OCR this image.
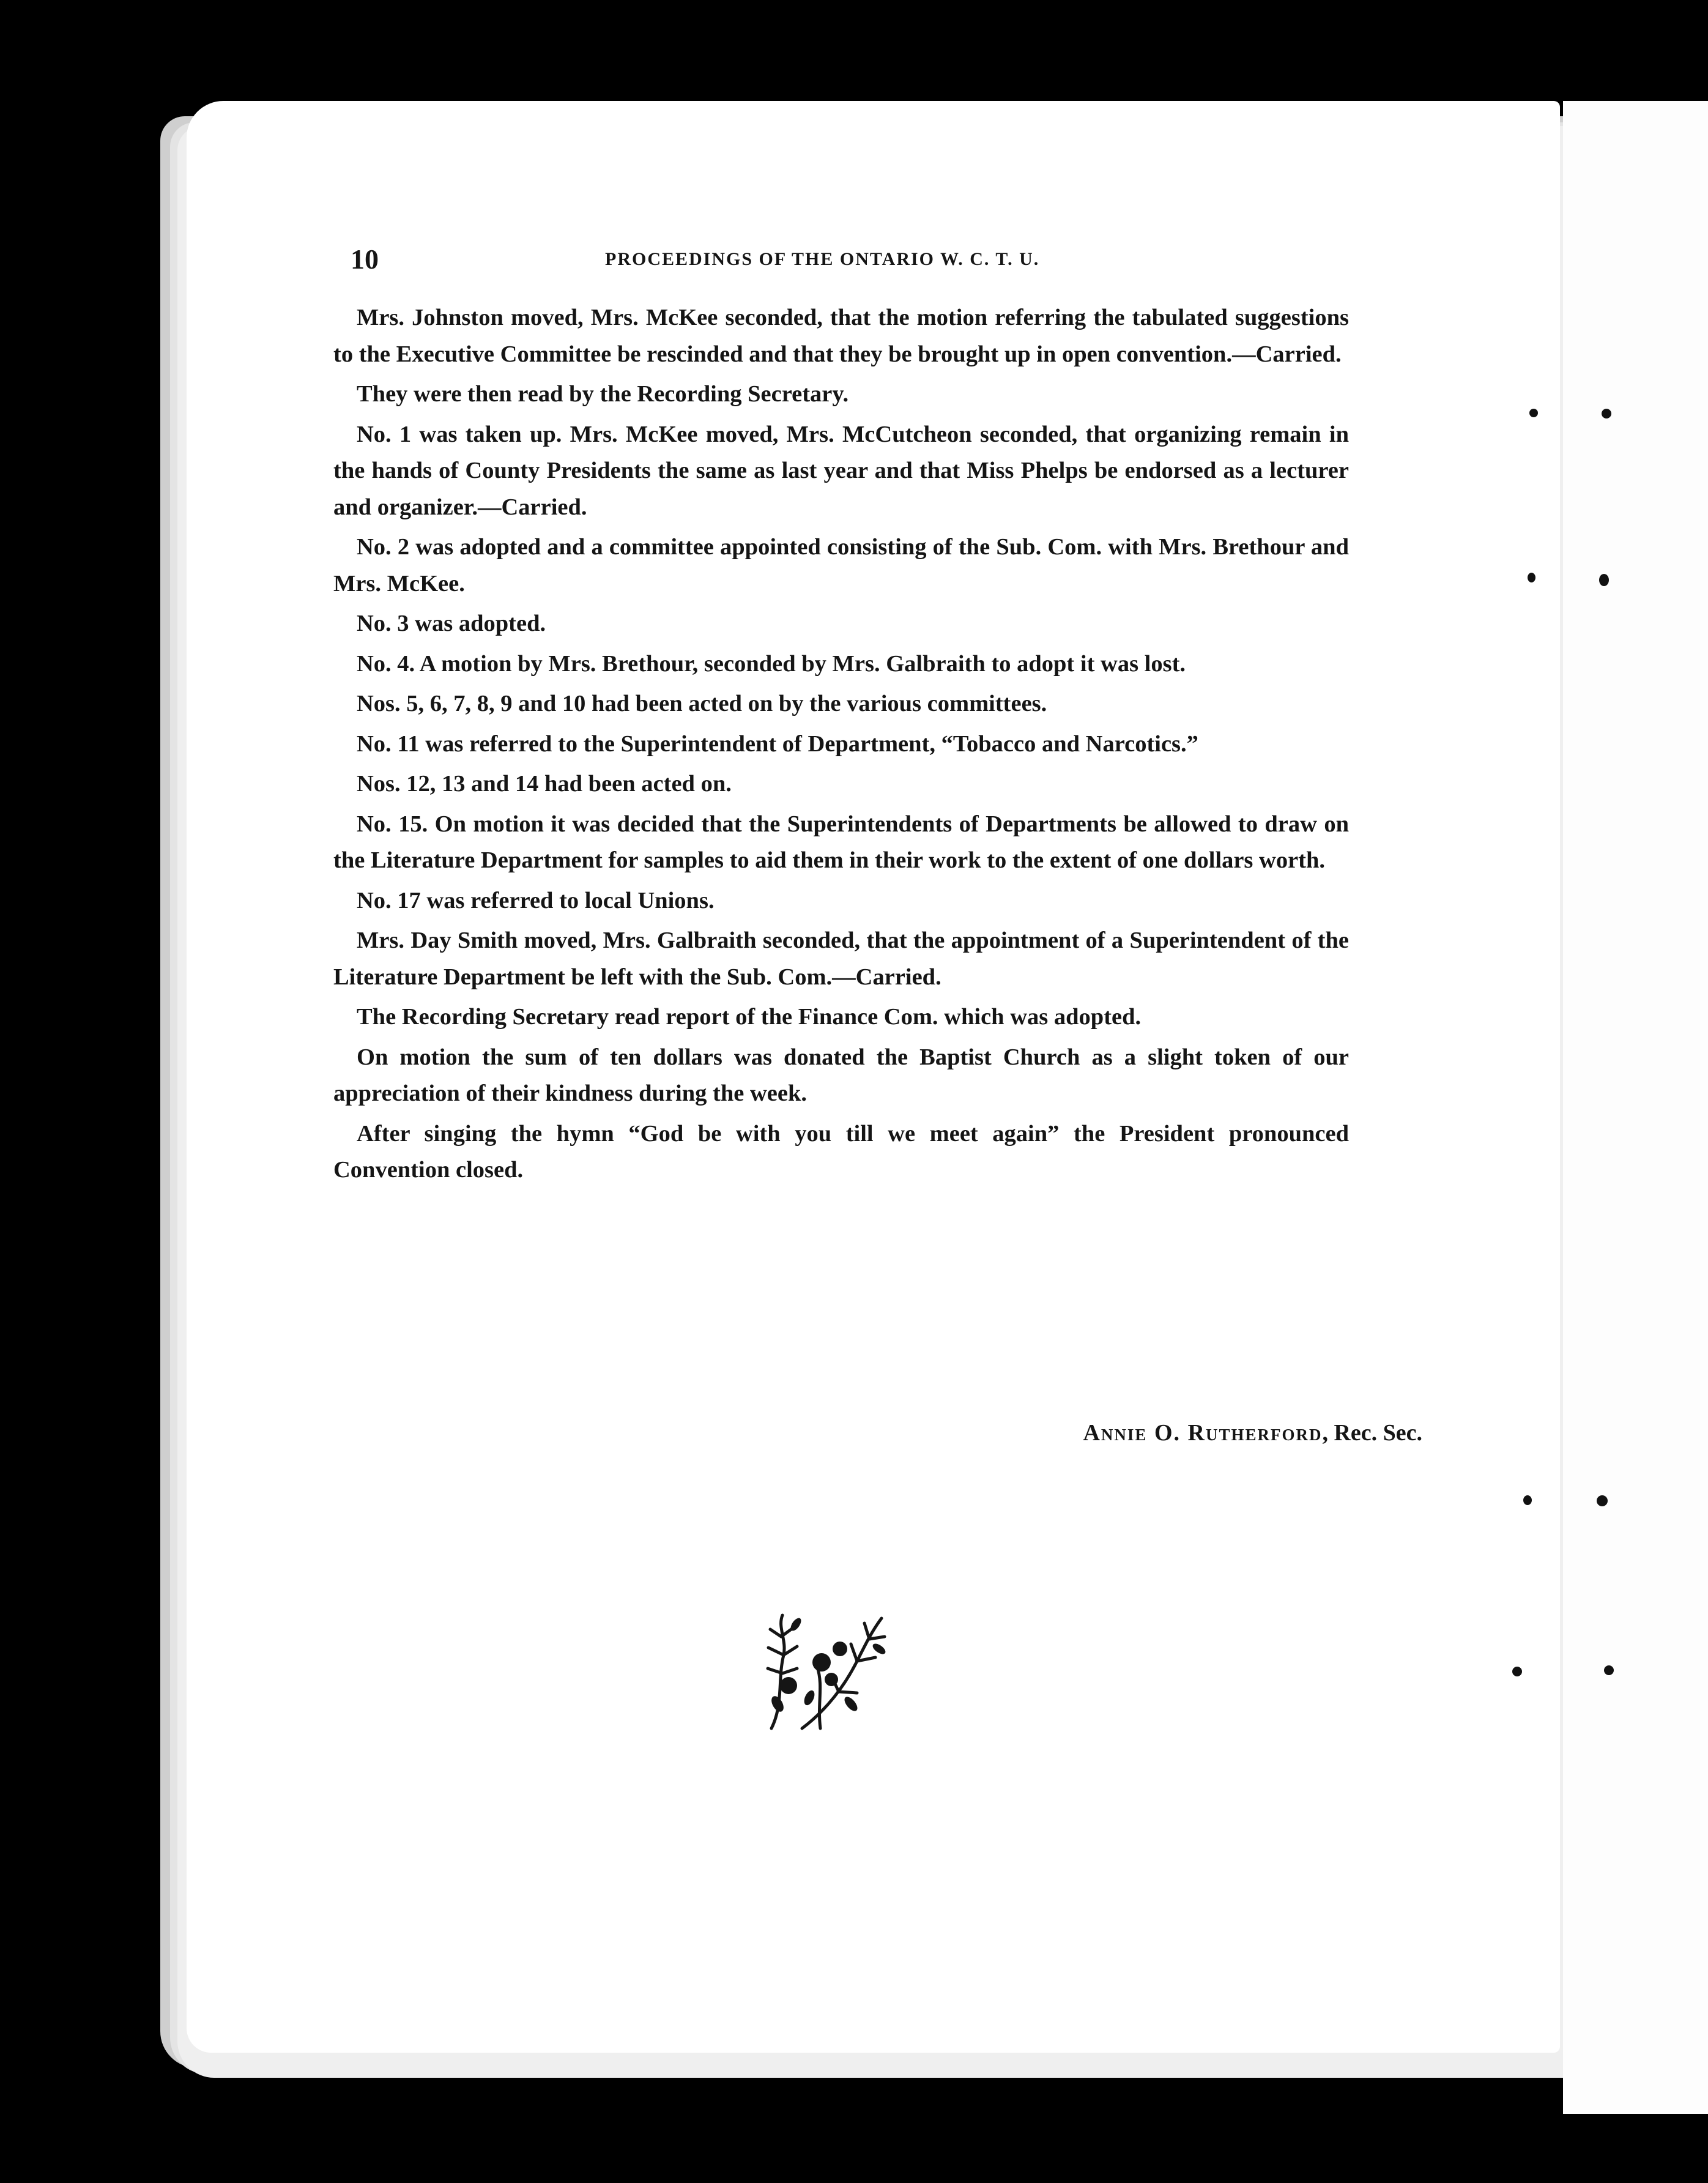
10	PROCEEDINGS OF THE ONTARIO W. C. T. U.

Mrs. Johnston moved, Mrs. McKee seconded, that the motion referring the tabulated suggestions to the Executive Committee be rescinded and that they be brought up in open convention.—Carried.

They were then read by the Recording Secretary.

No. 1 was taken up. Mrs. McKee moved, Mrs. McCutcheon seconded, that organizing remain in the hands of County Presidents the same as last year and that Miss Phelps be endorsed as a lecturer and organizer.—Carried.

No. 2 was adopted and a committee appointed consisting of the Sub. Com. with Mrs. Brethour and Mrs. McKee.

No. 3 was adopted.

No. 4. A motion by Mrs. Brethour, seconded by Mrs. Galbraith to adopt it was lost.

Nos. 5, 6, 7, 8, 9 and 10 had been acted on by the various committees.

No. 11 was referred to the Superintendent of Department, “Tobacco and Narcotics.”

Nos. 12, 13 and 14 had been acted on.

No. 15. On motion it was decided that the Superintendents of Departments be allowed to draw on the Literature Department for samples to aid them in their work to the extent of one dollars worth.

No. 17 was referred to local Unions.

Mrs. Day Smith moved, Mrs. Galbraith seconded, that the appointment of a Superintendent of the Literature Department be left with the Sub. Com.—Carried.

The Recording Secretary read report of the Finance Com. which was adopted.

On motion the sum of ten dollars was donated the Baptist Church as a slight token of our appreciation of their kindness during the week.

After singing the hymn “God be with you till we meet again” the President pronounced Convention closed.

Annie O. Rutherford, Rec. Sec.
